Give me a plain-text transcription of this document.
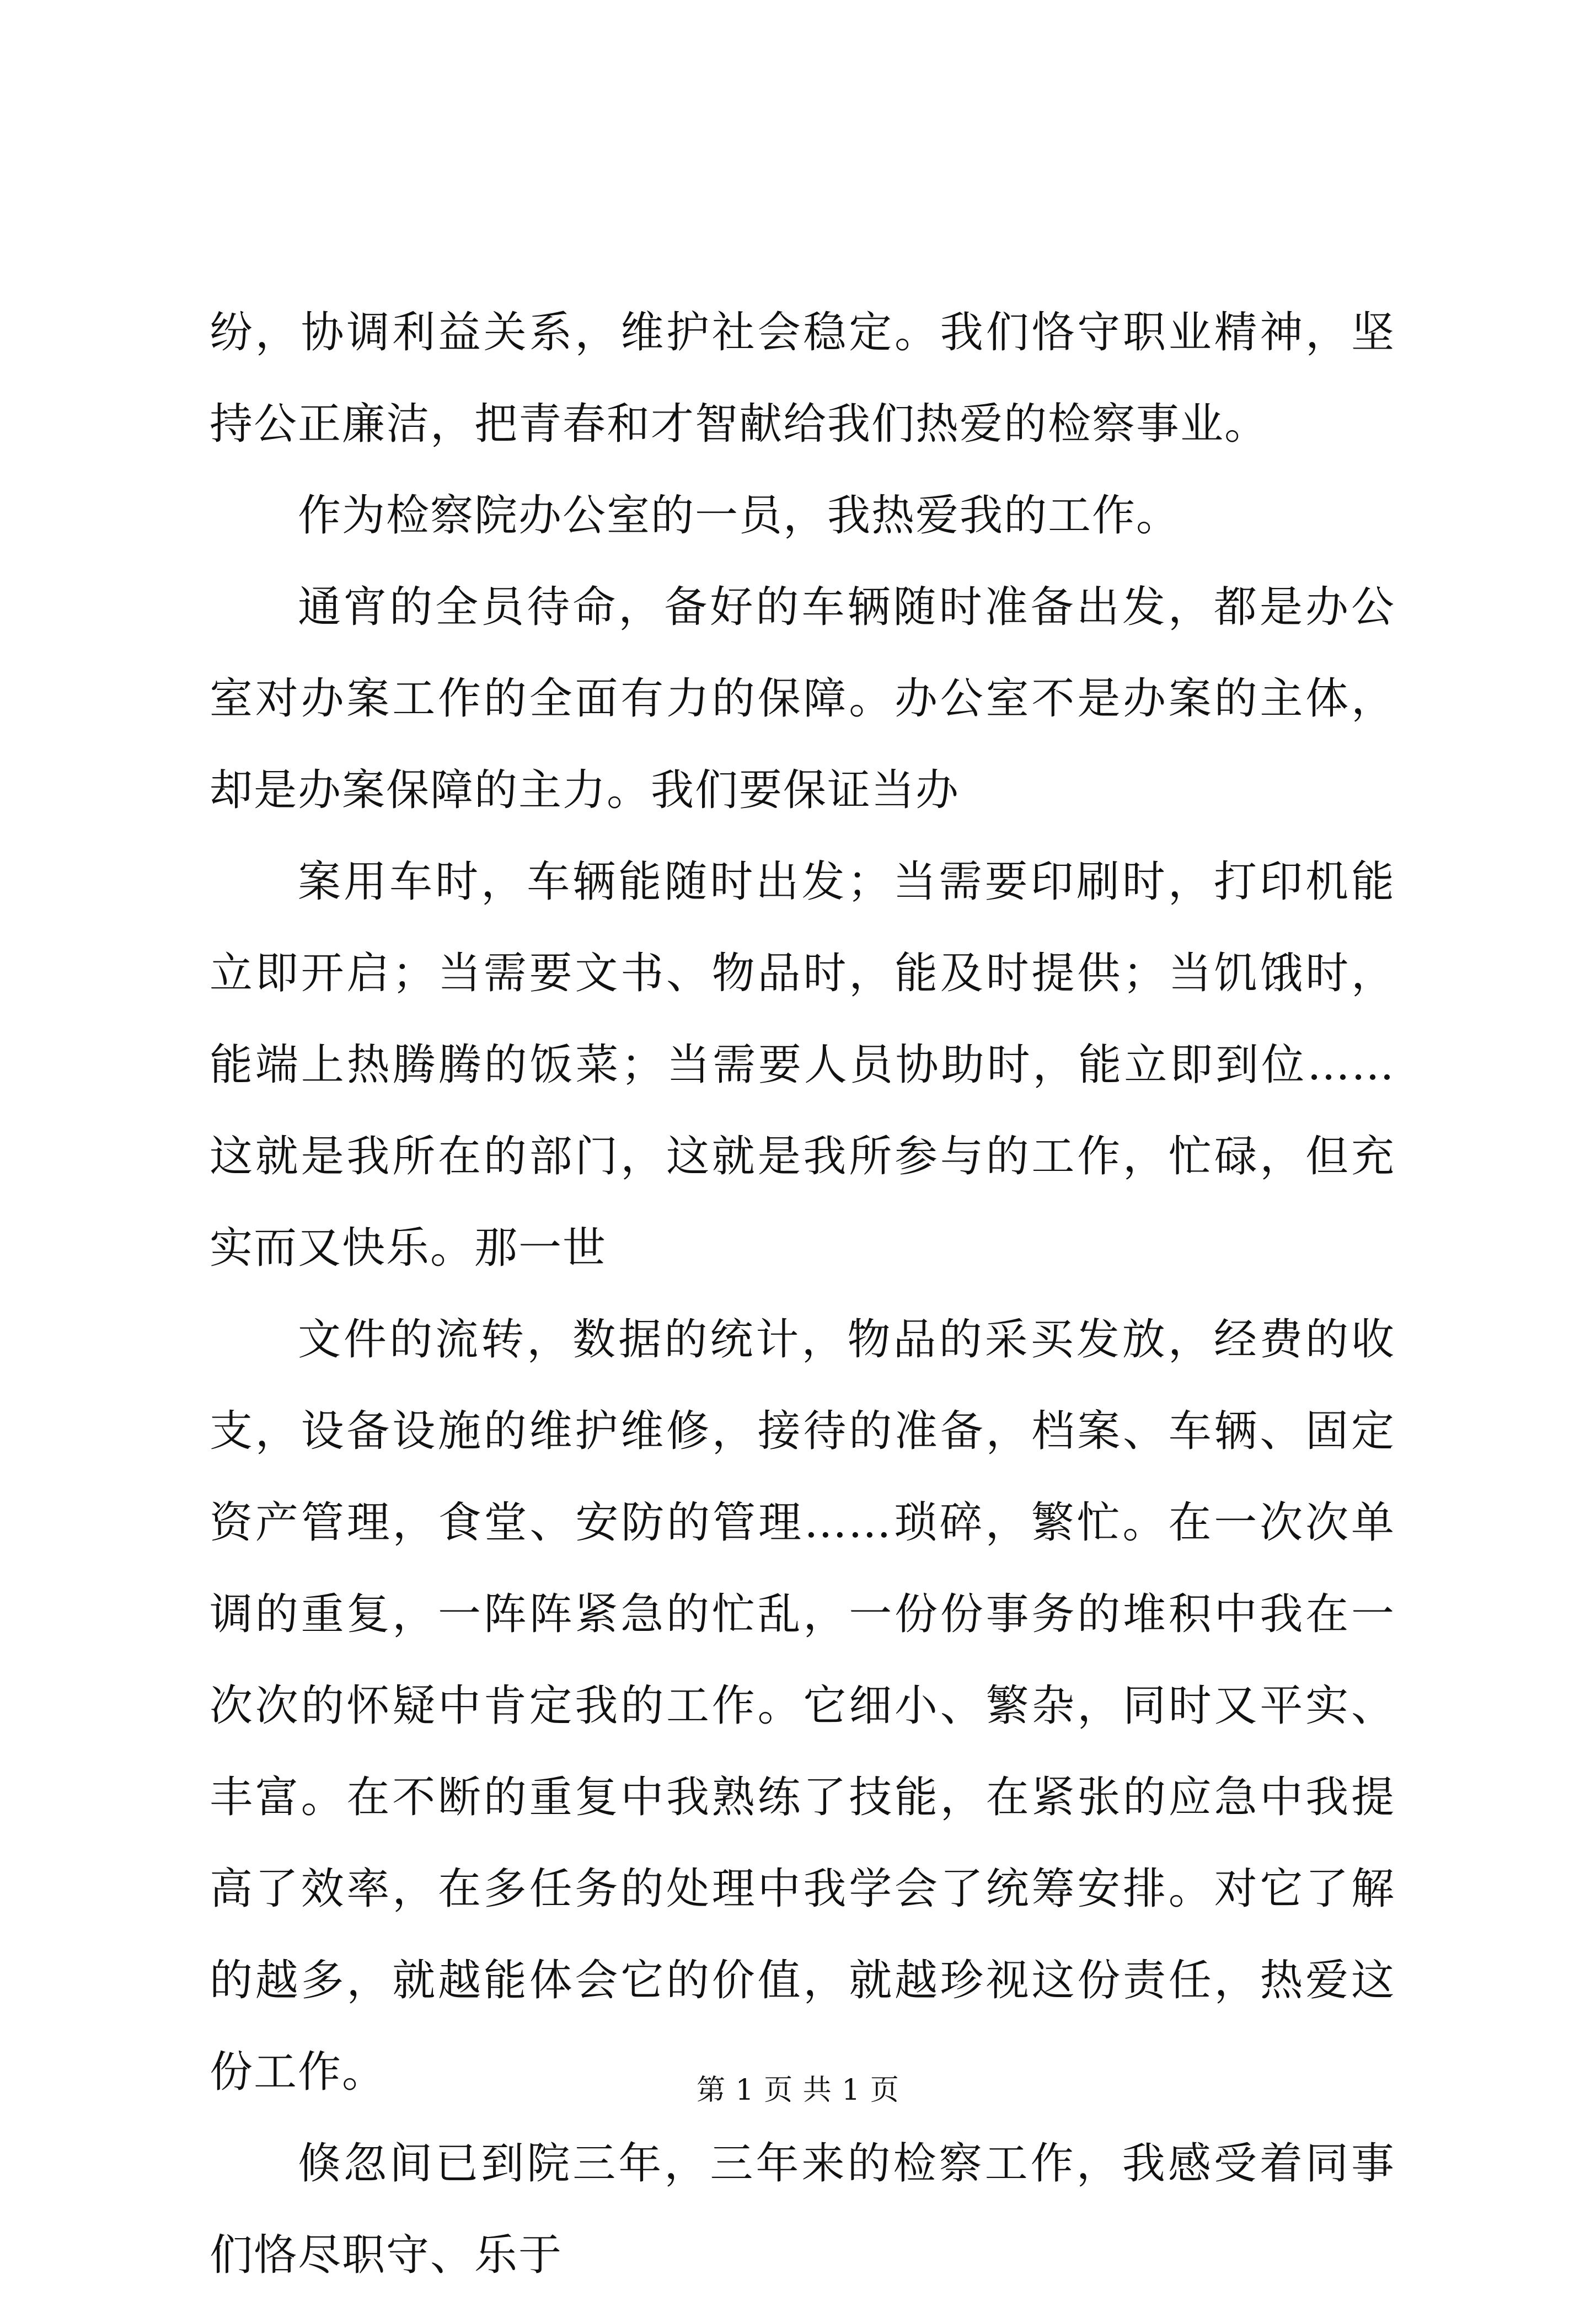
纷，协调利益关系，维护社会稳定。我们恪守职业精神，坚持公正廉洁，把青春和才智献给我们热爱的检察事业。

作为检察院办公室的一员，我热爱我的工作。

通宵的全员待命，备好的车辆随时准备出发，都是办公室对办案工作的全面有力的保障。办公室不是办案的主体，却是办案保障的主力。我们要保证当办

案用车时，车辆能随时出发；当需要印刷时，打印机能立即开启；当需要文书、物品时，能及时提供；当饥饿时，能端上热腾腾的饭菜；当需要人员协助时，能立即到位……这就是我所在的部门，这就是我所参与的工作，忙碌，但充实而又快乐。那一世

文件的流转，数据的统计，物品的采买发放，经费的收支，设备设施的维护维修，接待的准备，档案、车辆、固定资产管理，食堂、安防的管理……琐碎，繁忙。在一次次单调的重复，一阵阵紧急的忙乱，一份份事务的堆积中我在一次次的怀疑中肯定我的工作。它细小、繁杂，同时又平实、丰富。在不断的重复中我熟练了技能，在紧张的应急中我提高了效率，在多任务的处理中我学会了统筹安排。对它了解的越多，就越能体会它的价值，就越珍视这份责任，热爱这份工作。

倏忽间已到院三年，三年来的检察工作，我感受着同事们恪尽职守、乐于

第 1 页 共 1 页
